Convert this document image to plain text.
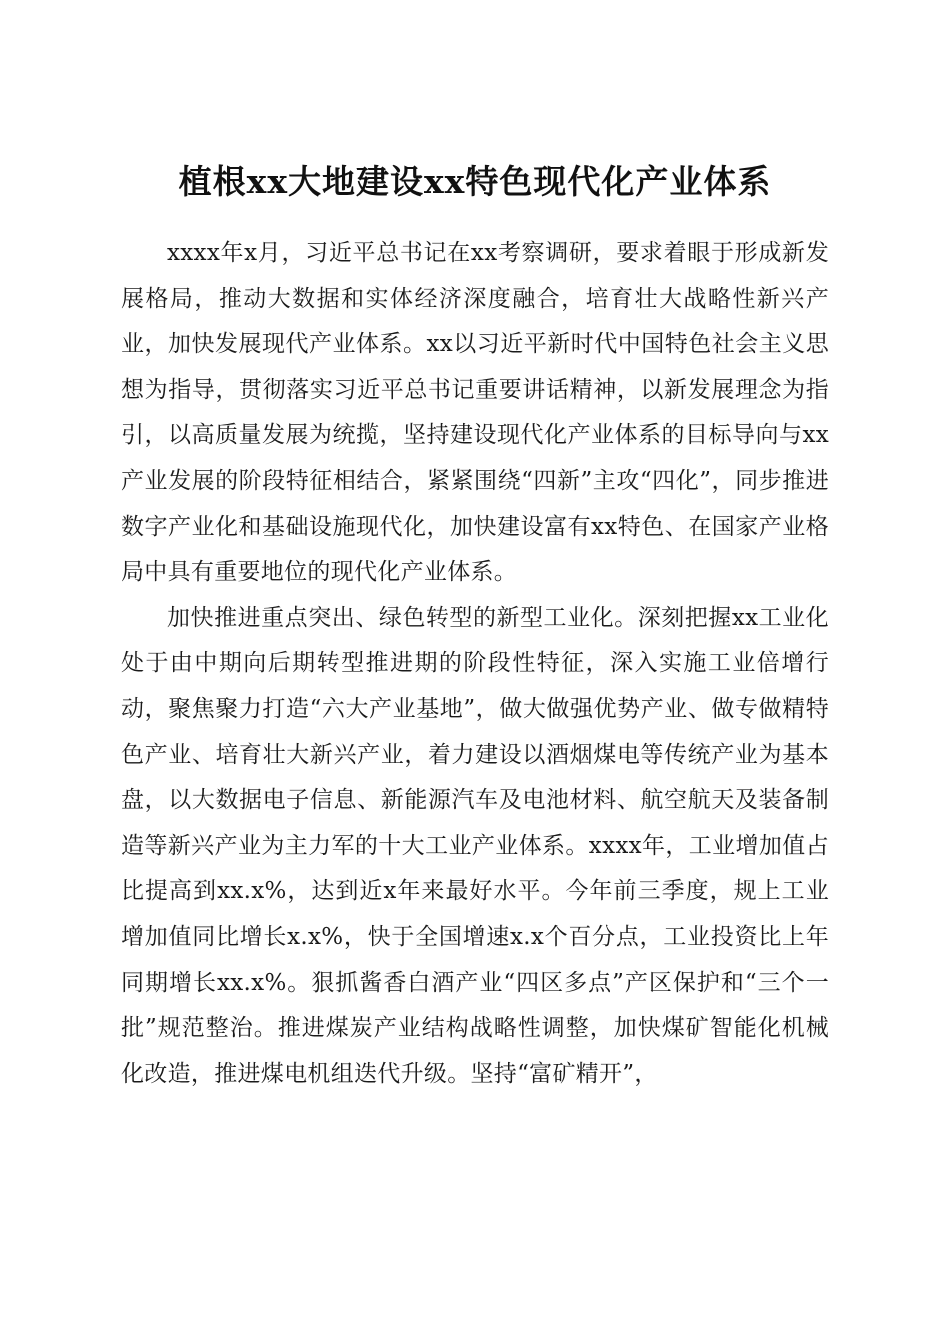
植根xx大地建设xx特色现代化产业体系

xxxx年x月，习近平总书记在xx考察调研，要求着眼于形成新发展格局，推动大数据和实体经济深度融合，培育壮大战略性新兴产业，加快发展现代产业体系。xx以习近平新时代中国特色社会主义思想为指导，贯彻落实习近平总书记重要讲话精神，以新发展理念为指引，以高质量发展为统揽，坚持建设现代化产业体系的目标导向与xx产业发展的阶段特征相结合，紧紧围绕“四新”主攻“四化”，同步推进数字产业化和基础设施现代化，加快建设富有xx特色、在国家产业格局中具有重要地位的现代化产业体系。

加快推进重点突出、绿色转型的新型工业化。深刻把握xx工业化处于由中期向后期转型推进期的阶段性特征，深入实施工业倍增行动，聚焦聚力打造“六大产业基地”，做大做强优势产业、做专做精特色产业、培育壮大新兴产业，着力建设以酒烟煤电等传统产业为基本盘，以大数据电子信息、新能源汽车及电池材料、航空航天及装备制造等新兴产业为主力军的十大工业产业体系。xxxx年，工业增加值占比提高到xx.x%，达到近x年来最好水平。今年前三季度，规上工业增加值同比增长x.x%，快于全国增速x.x个百分点，工业投资比上年同期增长xx.x%。狠抓酱香白酒产业“四区多点”产区保护和“三个一批”规范整治。推进煤炭产业结构战略性调整，加快煤矿智能化机械化改造，推进煤电机组迭代升级。坚持“富矿精开”，
